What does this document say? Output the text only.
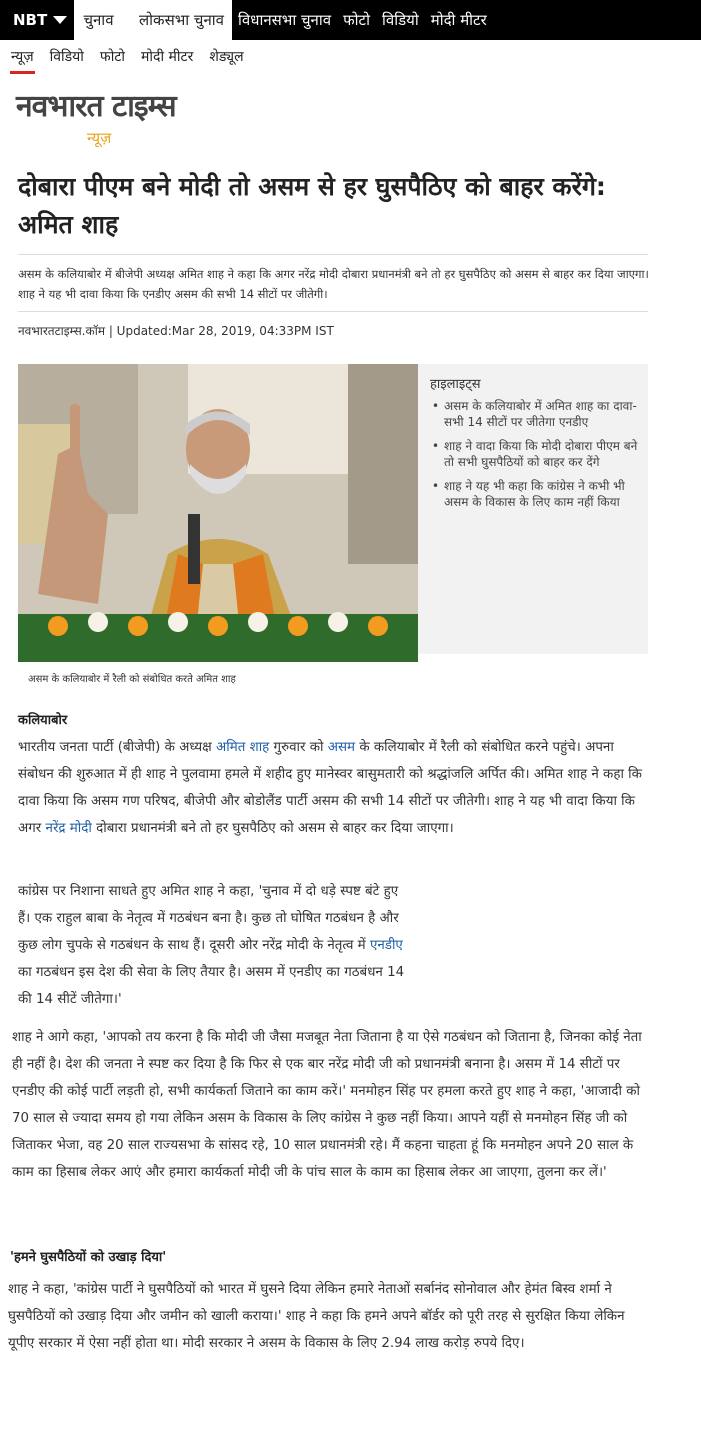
NBT	चुनाव	लोकसभा चुनाव विधानसभा चुनाव फोटो विडियो मोदी मीटर
न्यूज़	विडियो	फोटो	मोदी मीटर	शेड्यूल
नवभारत टाइम्स
न्यूज़
दोबारा पीएम बने मोदी तो असम से हर घुसपैठिए को बाहर करेंगे: अमित शाह

असम के कलियाबोर में बीजेपी अध्यक्ष अमित शाह ने कहा कि अगर नरेंद्र मोदी दोबारा प्रधानमंत्री बने तो हर घुसपैठिए को असम से बाहर कर दिया जाएगा। शाह ने यह भी दावा किया कि एनडीए असम की सभी 14 सीटों पर जीतेगी।

नवभारतटाइम्स.कॉम | Updated:Mar 28, 2019, 04:33PM IST
असम के कलियाबोर में रैली को संबोधित करते अमित शाह
हाइलाइट्स
• असम के कलियाबोर में अमित शाह का दावा- सभी 14 सीटों पर जीतेगा एनडीए
• शाह ने वादा किया कि मोदी दोबारा पीएम बने तो सभी घुसपैठियों को बाहर कर देंगे
• शाह ने यह भी कहा कि कांग्रेस ने कभी भी असम के विकास के लिए काम नहीं किया
कलियाबोर

भारतीय जनता पार्टी (बीजेपी) के अध्यक्ष अमित शाह गुरुवार को असम के कलियाबोर में रैली को संबोधित करने पहुंचे। अपना संबोधन की शुरुआत में ही शाह ने पुलवामा हमले में शहीद हुए मानेस्वर बासुमतारी को श्रद्धांजलि अर्पित की। अमित शाह ने कहा कि दावा किया कि असम गण परिषद, बीजेपी और बोडोलैंड पार्टी असम की सभी 14 सीटों पर जीतेगी। शाह ने यह भी वादा किया कि अगर नरेंद्र मोदी दोबारा प्रधानमंत्री बने तो हर घुसपैठिए को असम से बाहर कर दिया जाएगा।

कांग्रेस पर निशाना साधते हुए अमित शाह ने कहा, 'चुनाव में दो धड़े स्पष्ट बंटे हुए हैं। एक राहुल बाबा के नेतृत्व में गठबंधन बना है। कुछ तो घोषित गठबंधन है और कुछ लोग चुपके से गठबंधन के साथ हैं। दूसरी ओर नरेंद्र मोदी के नेतृत्व में एनडीए का गठबंधन इस देश की सेवा के लिए तैयार है। असम में एनडीए का गठबंधन 14 की 14 सीटें जीतेगा।'

शाह ने आगे कहा, 'आपको तय करना है कि मोदी जी जैसा मजबूत नेता जिताना है या ऐसे गठबंधन को जिताना है, जिनका कोई नेता ही नहीं है। देश की जनता ने स्पष्ट कर दिया है कि फिर से एक बार नरेंद्र मोदी जी को प्रधानमंत्री बनाना है। असम में 14 सीटों पर एनडीए की कोई पार्टी लड़ती हो, सभी कार्यकर्ता जिताने का काम करें।' मनमोहन सिंह पर हमला करते हुए शाह ने कहा, 'आजादी को 70 साल से ज्यादा समय हो गया लेकिन असम के विकास के लिए कांग्रेस ने कुछ नहीं किया। आपने यहीं से मनमोहन सिंह जी को जिताकर भेजा, वह 20 साल राज्यसभा के सांसद रहे, 10 साल प्रधानमंत्री रहे। मैं कहना चाहता हूं कि मनमोहन अपने 20 साल के काम का हिसाब लेकर आएं और हमारा कार्यकर्ता मोदी जी के पांच साल के काम का हिसाब लेकर आ जाएगा, तुलना कर लें।'

'हमने घुसपैठियों को उखाड़ दिया'

शाह ने कहा, 'कांग्रेस पार्टी ने घुसपैठियों को भारत में घुसने दिया लेकिन हमारे नेताओं सर्बानंद सोनोवाल और हेमंत बिस्व शर्मा ने घुसपैठियों को उखाड़ दिया और जमीन को खाली कराया।' शाह ने कहा कि हमने अपने बॉर्डर को पूरी तरह से सुरक्षित किया लेकिन यूपीए सरकार में ऐसा नहीं होता था। मोदी सरकार ने असम के विकास के लिए 2.94 लाख करोड़ रुपये दिए।
